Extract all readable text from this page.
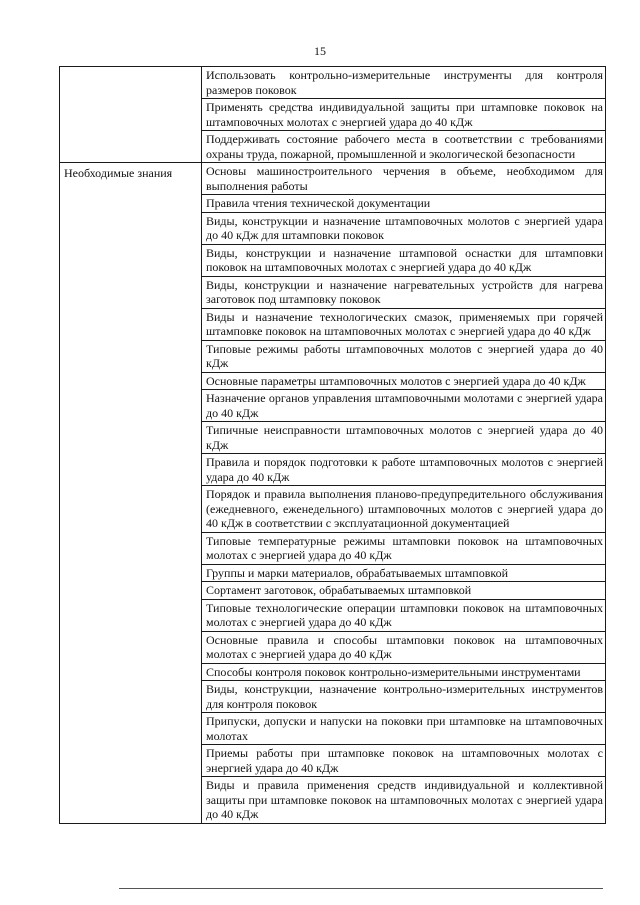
15
	Использовать контрольно-измерительные инструменты для контроля размеров поковок
	Применять средства индивидуальной защиты при штамповке поковок на штамповочных молотах с энергией удара до 40 кДж
	Поддерживать состояние рабочего места в соответствии с требованиями охраны труда, пожарной, промышленной и экологической безопасности
Необходимые знания	Основы машиностроительного черчения в объеме, необходимом для выполнения работы
	Правила чтения технической документации
	Виды, конструкции и назначение штамповочных молотов с энергией удара до 40 кДж для штамповки поковок
	Виды, конструкции и назначение штамповой оснастки для штамповки поковок на штамповочных молотах с энергией удара до 40 кДж
	Виды, конструкции и назначение нагревательных устройств для нагрева заготовок под штамповку поковок
	Виды и назначение технологических смазок, применяемых при горячей штамповке поковок на штамповочных молотах с энергией удара до 40 кДж
	Типовые режимы работы штамповочных молотов с энергией удара до 40 кДж
	Основные параметры штамповочных молотов с энергией удара до 40 кДж
	Назначение органов управления штамповочными молотами с энергией удара до 40 кДж
	Типичные неисправности штамповочных молотов с энергией удара до 40 кДж
	Правила и порядок подготовки к работе штамповочных молотов с энергией удара до 40 кДж
	Порядок и правила выполнения планово-предупредительного обслуживания (ежедневного, еженедельного) штамповочных молотов с энергией удара до 40 кДж в соответствии с эксплуатационной документацией
	Типовые температурные режимы штамповки поковок на штамповочных молотах с энергией удара до 40 кДж
	Группы и марки материалов, обрабатываемых штамповкой
	Сортамент заготовок, обрабатываемых штамповкой
	Типовые технологические операции штамповки поковок на штамповочных молотах с энергией удара до 40 кДж
	Основные правила и способы штамповки поковок на штамповочных молотах с энергией удара до 40 кДж
	Способы контроля поковок контрольно-измерительными инструментами
	Виды, конструкции, назначение контрольно-измерительных инструментов для контроля поковок
	Припуски, допуски и напуски на поковки при штамповке на штамповочных молотах
	Приемы работы при штамповке поковок на штамповочных молотах с энергией удара до 40 кДж
	Виды и правила применения средств индивидуальной и коллективной защиты при штамповке поковок на штамповочных молотах с энергией удара до 40 кДж
